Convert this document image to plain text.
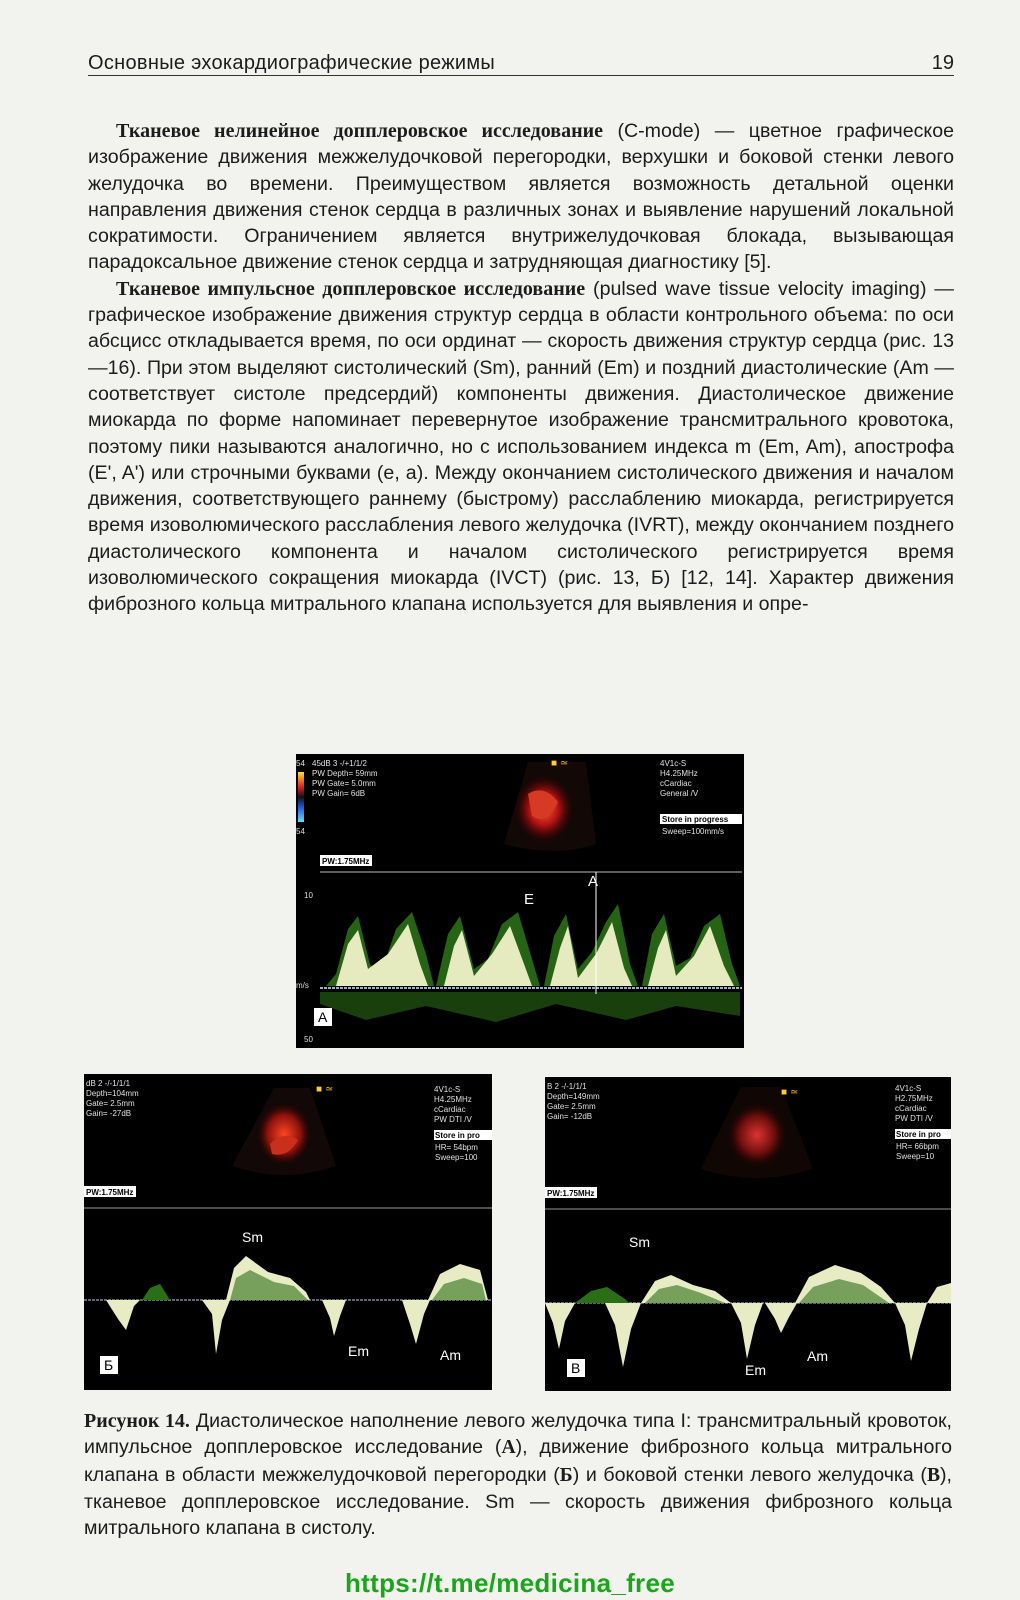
Основные эхокардиографические режимы	19

Тканевое нелинейное допплеровское исследование (C-mode) — цветное графическое изображение движения межжелудочковой перегородки, верхушки и боковой стенки левого желудочка во времени. Преимуществом является возможность детальной оценки направления движения стенок сердца в различных зонах и выявление нарушений локальной сократимости. Ограничением является внутрижелудочковая блокада, вызывающая парадоксальное движение стенок сердца и затрудняющая диагностику [5].

Тканевое импульсное допплеровское исследование (pulsed wave tissue velocity imaging) — графическое изображение движения структур сердца в области контрольного объема: по оси абсцисс откладывается время, по оси ординат — скорость движения структур сердца (рис. 13—16). При этом выделяют систолический (Sm), ранний (Em) и поздний диастолические (Am — соответствует систоле предсердий) компоненты движения. Диастолическое движение миокарда по форме напоминает перевернутое изображение трансмитрального кровотока, поэтому пики называются аналогично, но с использованием индекса m (Em, Am), апострофа (E', A') или строчными буквами (e, a). Между окончанием систолического движения и началом движения, соответствующего раннему (быстрому) расслаблению миокарда, регистрируется время изоволюмического расслабления левого желудочка (IVRT), между окончанием позднего диастолического компонента и началом систолического регистрируется время изоволюмического сокращения миокарда (IVCT) (рис. 13, Б) [12, 14]. Характер движения фиброзного кольца митрального клапана используется для выявления и опре-

54
54
45dB 3 -/+1/1/2
PW Depth= 59mm
PW Gate= 5.0mm
PW Gain= 6dB
■ ≃	4V1c-S
H4.25MHz
cCardiac
General /V
Store in progress
Sweep=100mm/s
PW:1.75MHz
10
m/s
50
E
A
А
dB 2 -/-1/1/1
Depth=104mm
Gate= 2.5mm
Gain= -27dB
■ ≃	4V1c-S
H4.25MHz
cCardiac
PW DTI /V
Store in pro
HR= 54bpm
Sweep=100
PW:1.75MHz
Sm
Em	Am
Б
B 2 -/-1/1/1
Depth=149mm
Gate= 2.5mm
Gain= -12dB
■ ≃	4V1c-S
H2.75MHz
cCardiac
PW DTI /V
Store in pro
HR= 66bpm
Sweep=10
PW:1.75MHz
Sm
Em
Am
В
Рисунок 14. Диастолическое наполнение левого желудочка типа I: трансмитральный кровоток, импульсное допплеровское исследование (А), движение фиброзного кольца митрального клапана в области межжелудочковой перегородки (Б) и боковой стенки левого желудочка (В), тканевое допплеровское исследование. Sm — скорость движения фиброзного кольца митрального клапана в систолу.
https://t.me/medicina_free
